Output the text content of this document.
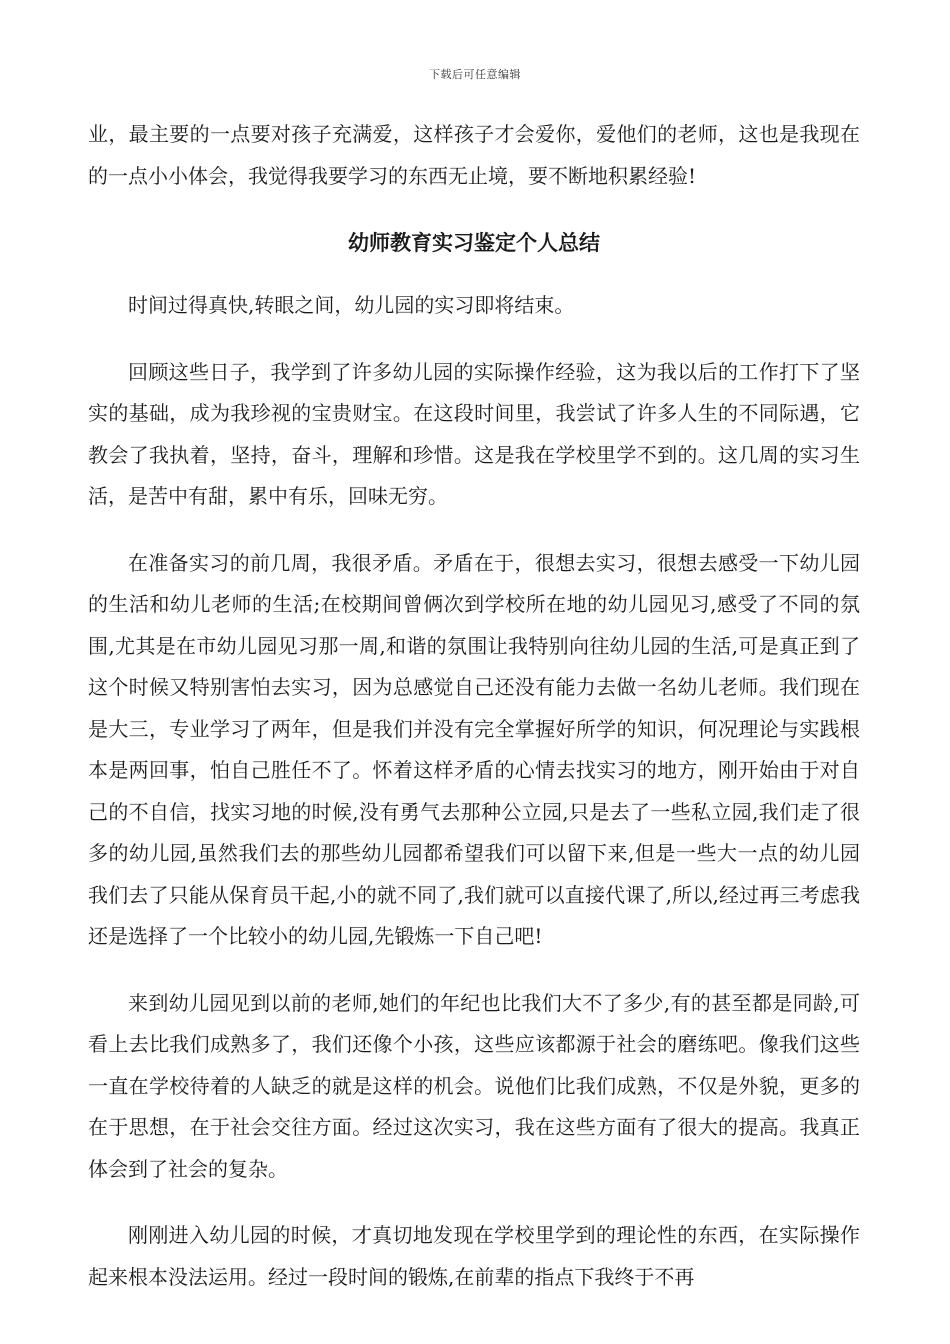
下载后可任意编辑

业，最主要的一点要对孩子充满爱，这样孩子才会爱你，爱他们的老师，这也是我现在的一点小小体会，我觉得我要学习的东西无止境，要不断地积累经验!

幼师教育实习鉴定个人总结

时间过得真快,转眼之间，幼儿园的实习即将结束。

回顾这些日子，我学到了许多幼儿园的实际操作经验，这为我以后的工作打下了坚实的基础，成为我珍视的宝贵财宝。在这段时间里，我尝试了许多人生的不同际遇，它教会了我执着，坚持，奋斗，理解和珍惜。这是我在学校里学不到的。这几周的实习生活，是苦中有甜，累中有乐，回味无穷。

在准备实习的前几周，我很矛盾。矛盾在于，很想去实习，很想去感受一下幼儿园的生活和幼儿老师的生活;在校期间曾俩次到学校所在地的幼儿园见习,感受了不同的氛围,尤其是在市幼儿园见习那一周,和谐的氛围让我特别向往幼儿园的生活,可是真正到了这个时候又特别害怕去实习，因为总感觉自己还没有能力去做一名幼儿老师。我们现在是大三，专业学习了两年，但是我们并没有完全掌握好所学的知识，何况理论与实践根本是两回事，怕自己胜任不了。怀着这样矛盾的心情去找实习的地方，刚开始由于对自己的不自信，找实习地的时候,没有勇气去那种公立园,只是去了一些私立园,我们走了很多的幼儿园,虽然我们去的那些幼儿园都希望我们可以留下来,但是一些大一点的幼儿园我们去了只能从保育员干起,小的就不同了,我们就可以直接代课了,所以,经过再三考虑我还是选择了一个比较小的幼儿园,先锻炼一下自己吧!

来到幼儿园见到以前的老师,她们的年纪也比我们大不了多少,有的甚至都是同龄,可看上去比我们成熟多了，我们还像个小孩，这些应该都源于社会的磨练吧。像我们这些一直在学校待着的人缺乏的就是这样的机会。说他们比我们成熟，不仅是外貌，更多的在于思想，在于社会交往方面。经过这次实习，我在这些方面有了很大的提高。我真正体会到了社会的复杂。

刚刚进入幼儿园的时候，才真切地发现在学校里学到的理论性的东西，在实际操作起来根本没法运用。经过一段时间的锻炼,在前辈的指点下我终于不再
